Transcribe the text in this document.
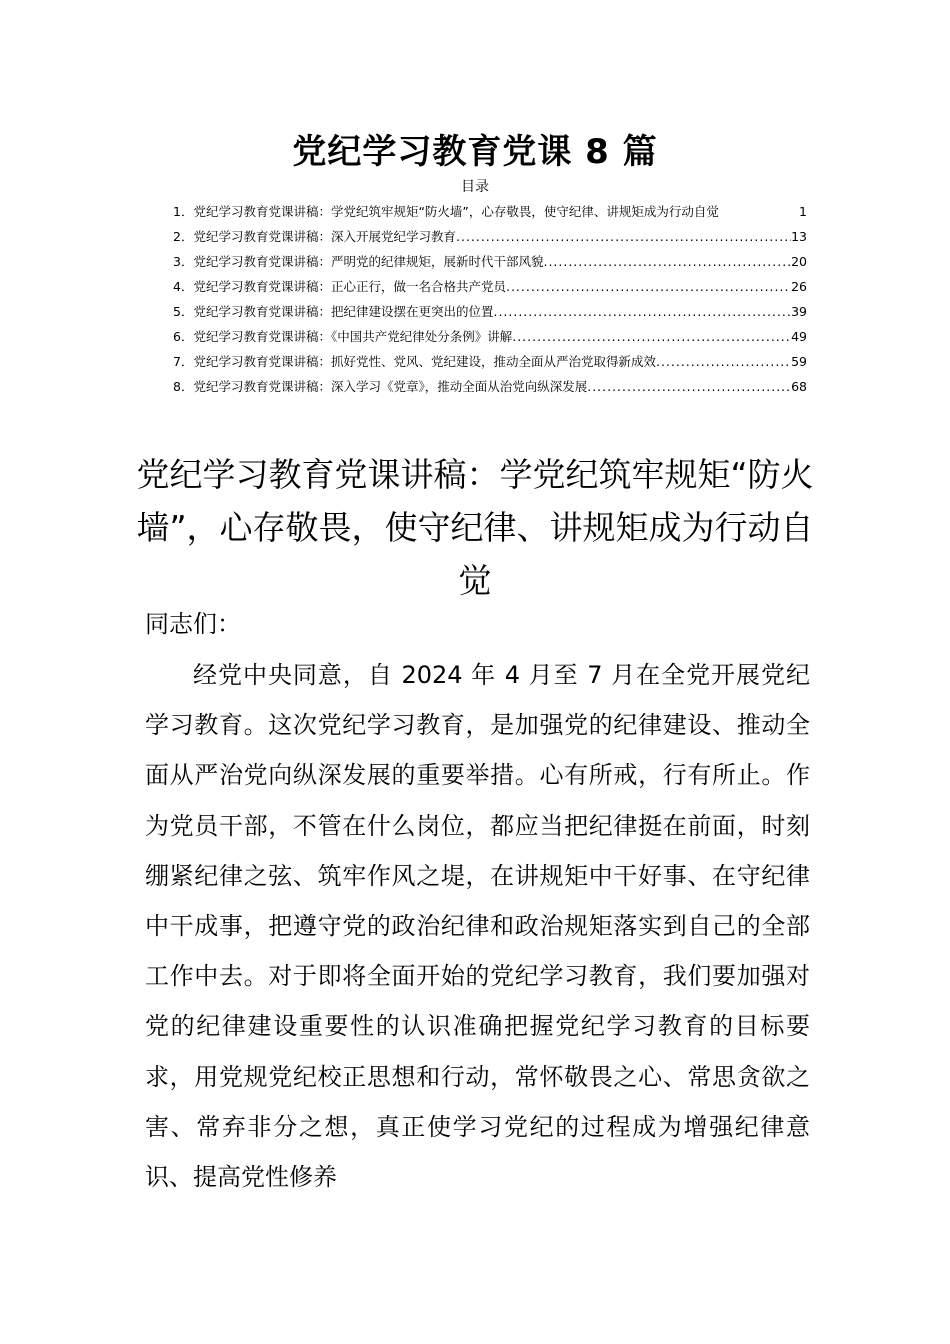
党纪学习教育党课 8 篇
目录
1．党纪学习教育党课讲稿：学党纪筑牢规矩“防火墙”，心存敬畏，使守纪律、讲规矩成为行动自觉	1
2．党纪学习教育党课讲稿：深入开展党纪学习教育 .....	13
3．党纪学习教育党课讲稿：严明党的纪律规矩，展新时代干部风貌 .....	20
4．党纪学习教育党课讲稿：正心正行，做一名合格共产党员 .....	26
5．党纪学习教育党课讲稿：把纪律建设摆在更突出的位置 .....	39
6．党纪学习教育党课讲稿：《中国共产党纪律处分条例》讲解 .....	49
7．党纪学习教育党课讲稿：抓好党性、党风、党纪建设，推动全面从严治党取得新成效 .....	59
8．党纪学习教育党课讲稿：深入学习《党章》，推动全面从治党向纵深发展 .....	68
党纪学习教育党课讲稿：学党纪筑牢规矩“防火墙”，心存敬畏，使守纪律、讲规矩成为行动自觉
同志们：

经党中央同意，自 2024 年 4 月至 7 月在全党开展党纪学习教育。这次党纪学习教育，是加强党的纪律建设、推动全面从严治党向纵深发展的重要举措。心有所戒，行有所止。作为党员干部，不管在什么岗位，都应当把纪律挺在前面，时刻绷紧纪律之弦、筑牢作风之堤，在讲规矩中干好事、在守纪律中干成事，把遵守党的政治纪律和政治规矩落实到自己的全部工作中去。对于即将全面开始的党纪学习教育，我们要加强对党的纪律建设重要性的认识准确把握党纪学习教育的目标要求，用党规党纪校正思想和行动，常怀敬畏之心、常思贪欲之害、常弃非分之想，真正使学习党纪的过程成为增强纪律意识、提高党性修养
